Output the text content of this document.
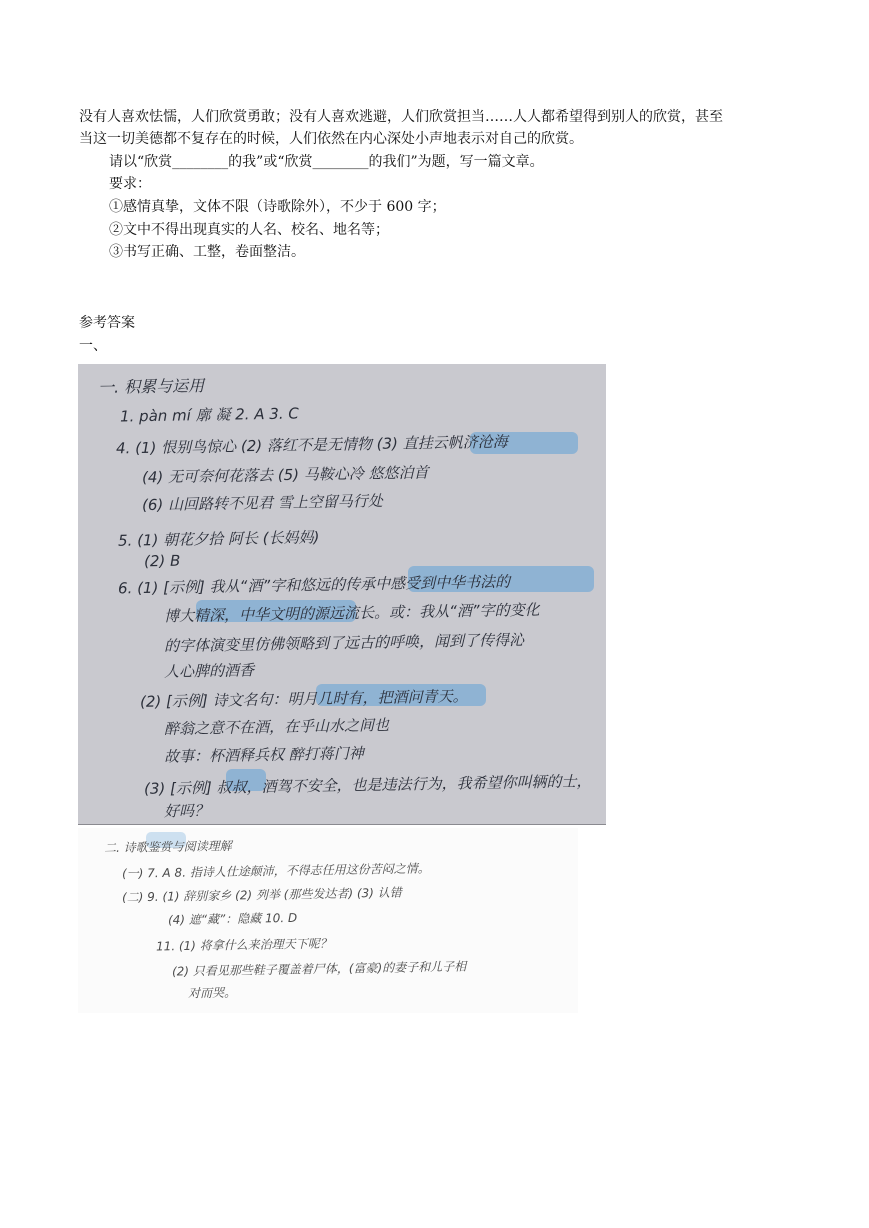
没有人喜欢怯懦，人们欣赏勇敢；没有人喜欢逃避，人们欣赏担当……人人都希望得到别人的欣赏，甚至
当这一切美德都不复存在的时候，人们依然在内心深处小声地表示对自己的欣赏。
请以“欣赏________的我”或“欣赏________的我们”为题，写一篇文章。
要求：
①感情真挚，文体不限（诗歌除外），不少于 600 字；
②文中不得出现真实的人名、校名、地名等；
③书写正确、工整，卷面整洁。
参考答案
一、
一. 积累与运用
1. pàn mí 廓 凝 2. A 3. C
4. (1) 恨别鸟惊心 (2) 落红不是无情物 (3) 直挂云帆济沧海
(4) 无可奈何花落去 (5) 马鞍心冷 悠悠泊首
(6) 山回路转不见君 雪上空留马行处
5. (1) 朝花夕拾 阿长 (长妈妈)
(2) B
6. (1) [示例] 我从“酒”字和悠远的传承中感受到中华书法的
博大精深，中华文明的源远流长。或：我从“酒”字的变化
的字体演变里仿佛领略到了远古的呼唤，闻到了传得沁
人心脾的酒香
(2) [示例] 诗文名句：明月几时有，把酒问青天。
醉翁之意不在酒，在乎山水之间也
故事：杯酒释兵权 醉打蒋门神
(3) [示例] 叔叔，酒驾不安全，也是违法行为，我希望你叫辆的士，
好吗？
二. 诗歌鉴赏与阅读理解
(一) 7. A 8. 指诗人仕途颠沛，不得志任用这份苦闷之情。
(二) 9. (1) 辞别家乡 (2) 列举 (那些发达者) (3) 认错
(4) 遮“藏”：隐藏 10. D
11. (1) 将拿什么来治理天下呢？
(2) 只看见那些鞋子覆盖着尸体，(富豪)的妻子和儿子相
对而哭。
